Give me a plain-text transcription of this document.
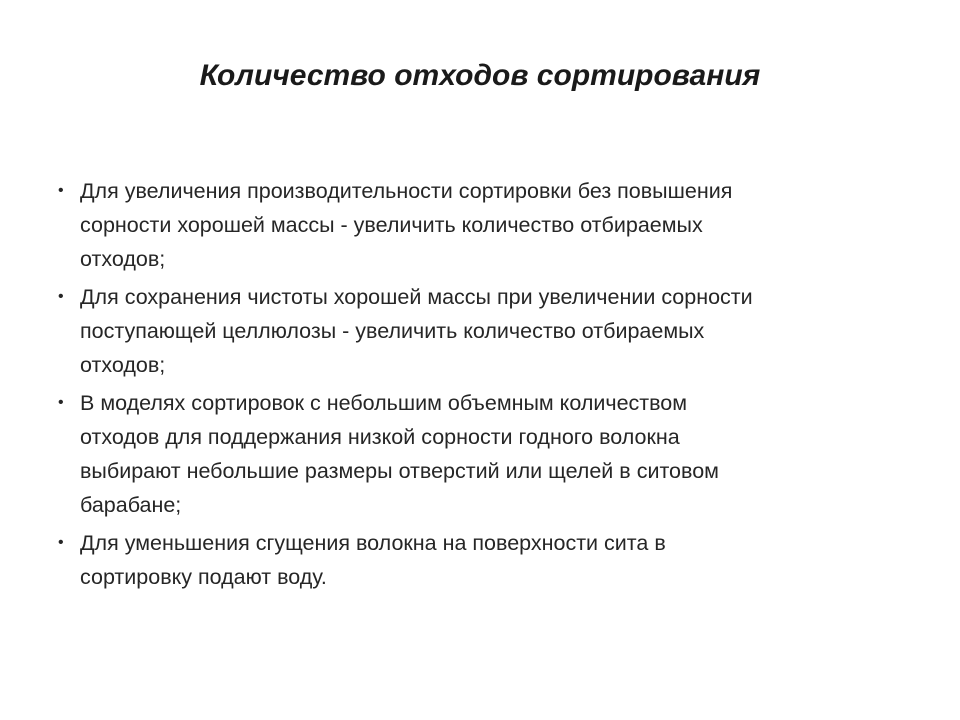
Количество отходов сортирования
• Для увеличения производительности сортировки без повышения
сорности хорошей массы - увеличить количество отбираемых
отходов;
• Для сохранения чистоты хорошей массы при увеличении сорности
поступающей целлюлозы - увеличить количество отбираемых
отходов;
• В моделях сортировок с небольшим объемным количеством
отходов для поддержания низкой сорности годного волокна
выбирают небольшие размеры отверстий или щелей в ситовом
барабане;
• Для уменьшения сгущения волокна на поверхности сита в
сортировку подают воду.
